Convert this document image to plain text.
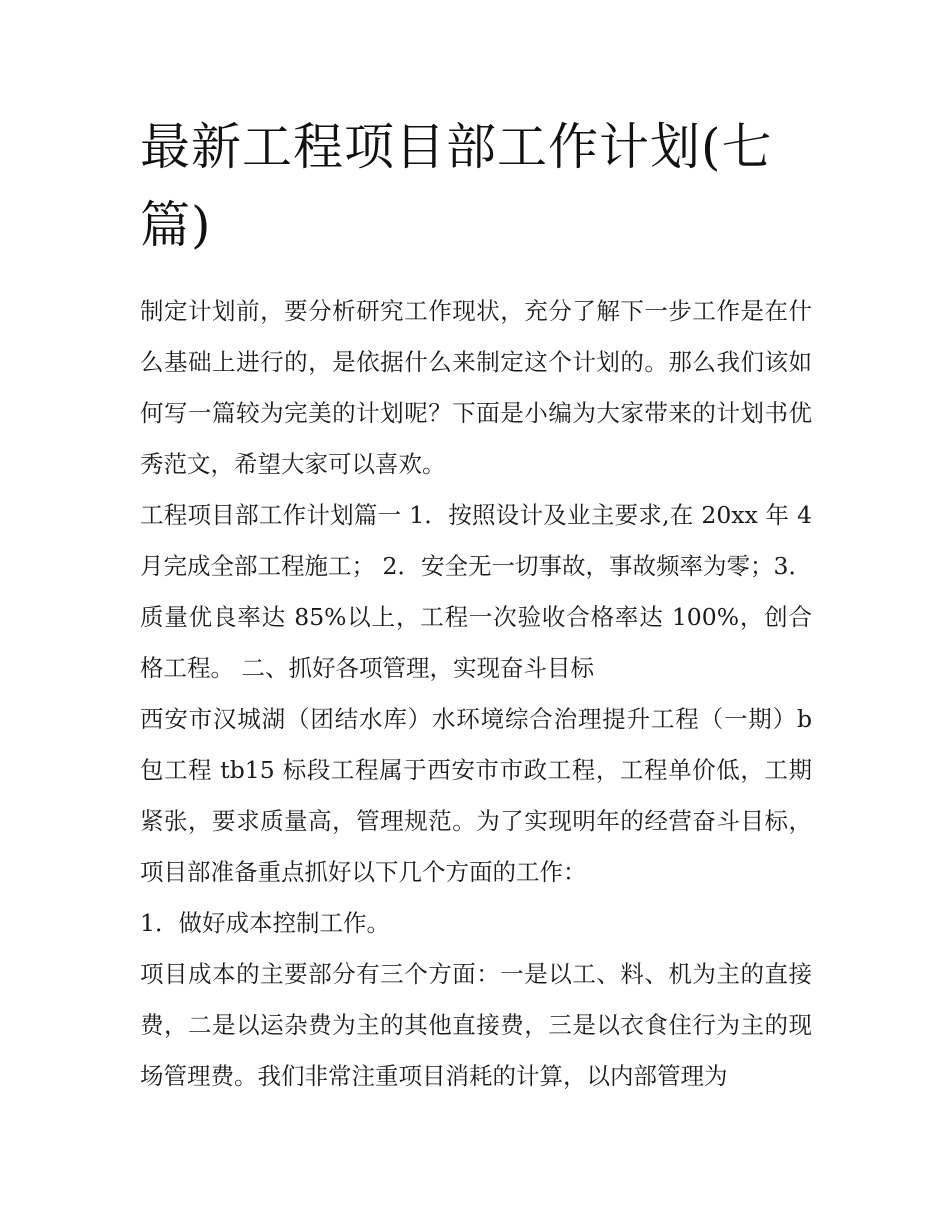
最新工程项目部工作计划(七篇)

制定计划前，要分析研究工作现状，充分了解下一步工作是在什么基础上进行的，是依据什么来制定这个计划的。那么我们该如何写一篇较为完美的计划呢？下面是小编为大家带来的计划书优秀范文，希望大家可以喜欢。

工程项目部工作计划篇一 1．按照设计及业主要求,在 20xx 年 4 月完成全部工程施工； 2．安全无一切事故，事故频率为零；3．质量优良率达 85%以上，工程一次验收合格率达 100%，创合格工程。 二、抓好各项管理，实现奋斗目标

西安市汉城湖（团结水库）水环境综合治理提升工程（一期）b 包工程 tb15 标段工程属于西安市市政工程，工程单价低，工期紧张，要求质量高，管理规范。为了实现明年的经营奋斗目标，项目部准备重点抓好以下几个方面的工作：

1．做好成本控制工作。

项目成本的主要部分有三个方面：一是以工、料、机为主的直接费，二是以运杂费为主的其他直接费，三是以衣食住行为主的现场管理费。我们非常注重项目消耗的计算，以内部管理为
